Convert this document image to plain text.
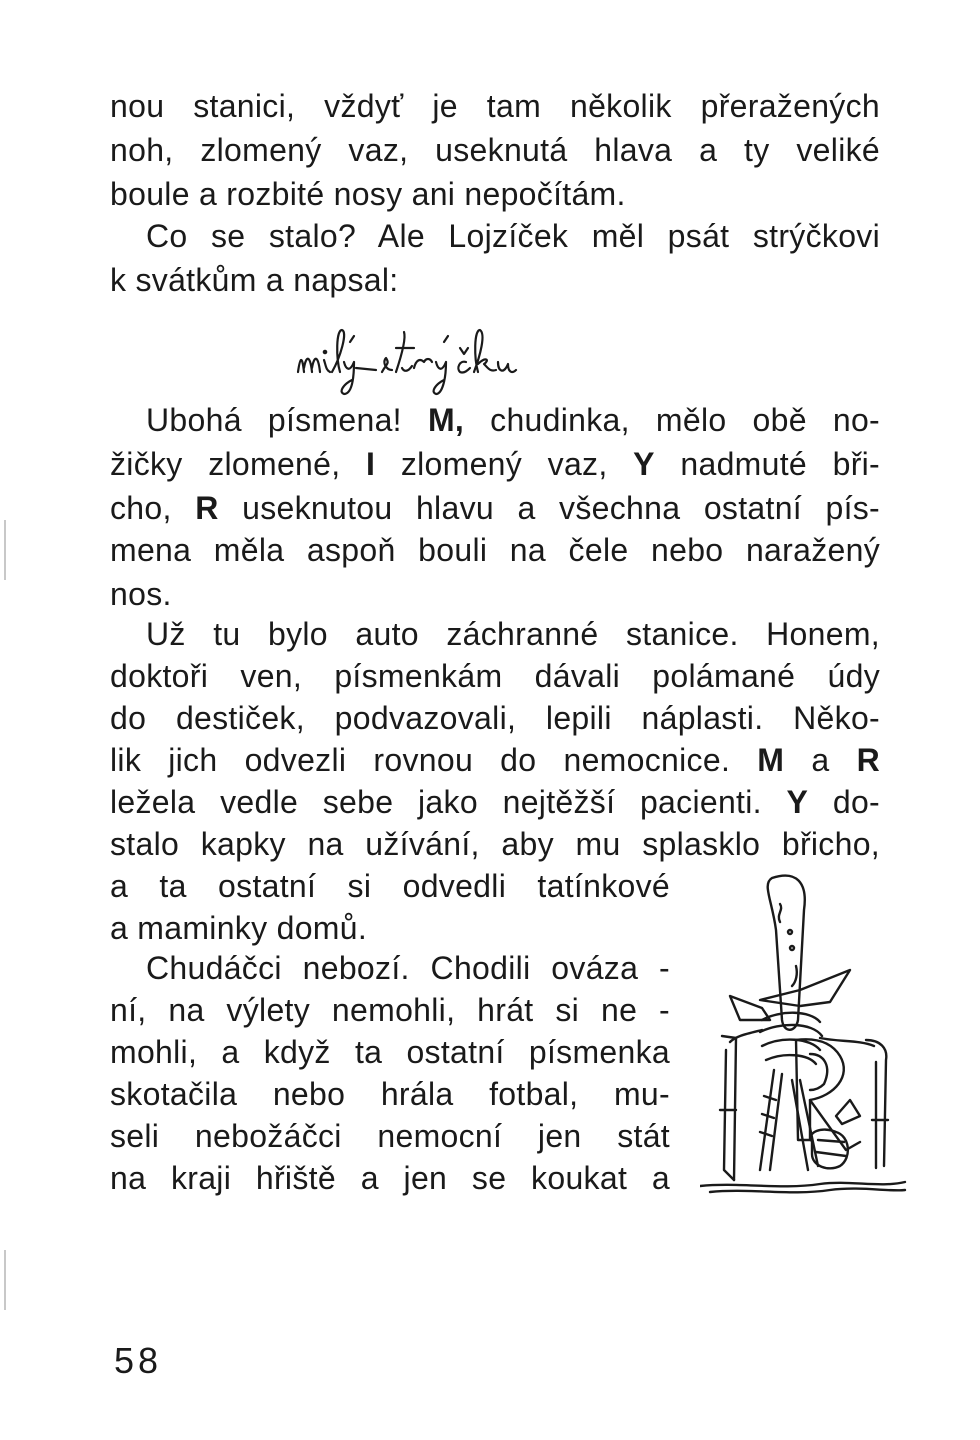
nou stanici, vždyť je tam několik přeražených
noh, zlomený vaz, useknutá hlava a ty veliké
boule a rozbité nosy ani nepočítám.
Co se stalo? Ale Lojzíček měl psát strýčkovi
k svátkům a napsal:
Ubohá písmena! M, chudinka, mělo obě no-
žičky zlomené, I zlomený vaz, Y nadmuté bři-
cho, R useknutou hlavu a všechna ostatní pís-
mena měla aspoň bouli na čele nebo naražený
nos.
Už tu bylo auto záchranné stanice. Honem,
doktoři ven, písmenkám dávali polámané údy
do destiček, podvazovali, lepili náplasti. Něko-
lik jich odvezli rovnou do nemocnice. M a R
ležela vedle sebe jako nejtěžší pacienti. Y do-
stalo kapky na užívání, aby mu splasklo břicho,
a ta ostatní si odvedli tatínkové
a maminky domů.
Chudáčci nebozí. Chodili ováza -
ní, na výlety nemohli, hrát si ne -
mohli, a když ta ostatní písmenka
skotačila nebo hrála fotbal, mu-
seli nebožáčci nemocní jen stát
na kraji hřiště a jen se koukat a
58
